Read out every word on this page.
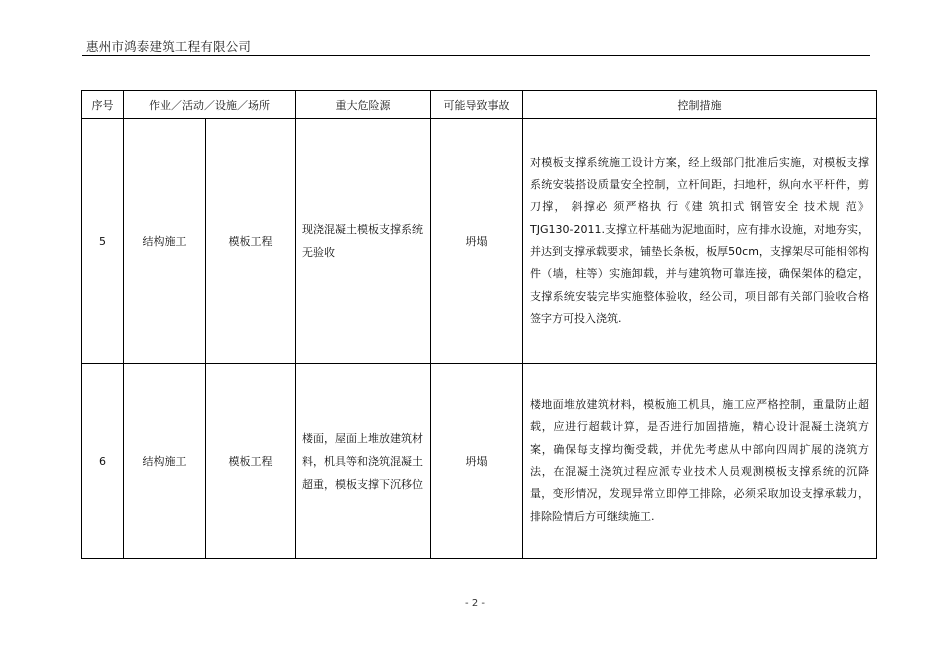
惠州市鸿泰建筑工程有限公司
序号	作业／活动／设施／场所		重大危险源	可能导致事故	控制措施
5	结构施工	模板工程	现浇混凝土模板支撑系统无验收	坍塌	对模板支撑系统施工设计方案，经上级部门批准后实施，对模板支撑系统安装搭设质量安全控制，立杆间距，扫地杆，纵向水平杆件，剪刀撑， 斜撑必 须严格执 行《建 筑扣式 钢管安全 技术规 范》TJG130-2011.支撑立杆基础为泥地面时，应有排水设施，对地夯实，并达到支撑承载要求，铺垫长条板，板厚50cm，支撑架尽可能相邻构件（墙，柱等）实施卸载，并与建筑物可靠连接，确保架体的稳定，支撑系统安装完毕实施整体验收，经公司，项目部有关部门验收合格签字方可投入浇筑.
6	结构施工	模板工程	楼面，屋面上堆放建筑材料，机具等和浇筑混凝土超重，模板支撑下沉移位	坍塌	楼地面堆放建筑材料，模板施工机具，施工应严格控制，重量防止超载，应进行超载计算，是否进行加固措施，精心设计混凝土浇筑方案，确保每支撑均衡受载，并优先考虑从中部向四周扩展的浇筑方法，在混凝土浇筑过程应派专业技术人员观测模板支撑系统的沉降量，变形情况，发现异常立即停工排除，必须采取加设支撑承载力，排除险情后方可继续施工.
- 2 -
